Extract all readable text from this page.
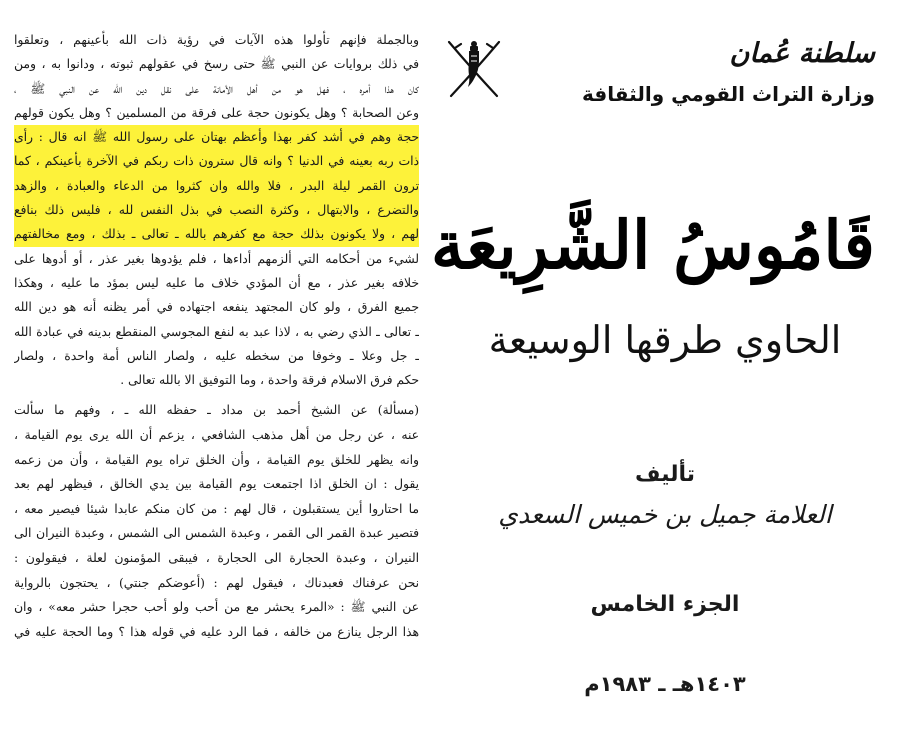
وبالجملة فإنهم تأولوا هذه الآيات في رؤية ذات الله بأعينهم ، وتعلقوا
في ذلك بروايات عن النبي ﷺ حتى رسخ في عقولهم ثبوته ، ودانوا به ، ومن
كان هذا أمره ، فهل هو من أهل الأمانة على نقل دين الله عن النبي ﷺ ،
وعن الصحابة ؟ وهل يكونون حجة على فرقة من المسلمين ؟ وهل يكون قولهم
حجة وهم في أشد كفر بهذا وأعظم بهتان على رسول الله ﷺ انه قال : رأى
ذات ربه بعينه في الدنيا ؟ وانه قال سترون ذات ربكم في الآخرة بأعينكم ، كما
ترون القمر ليلة البدر ، فلا والله وان كثروا من الدعاء والعبادة ، والزهد
والتضرع ، والابتهال ، وكثرة النصب في بذل النفس لله ، فليس ذلك بنافع
لهم ، ولا يكونون بذلك حجة مع كفرهم بالله ـ تعالى ـ بذلك ، ومع مخالفتهم
لشيء من أحكامه التي ألزمهم أداءها ، فلم يؤدوها بغير عذر ، أو أدوها على
خلافه بغير عذر ، مع أن المؤدي خلاف ما عليه ليس بمؤد ما عليه ، وهكذا
جميع الفرق ، ولو كان المجتهد ينفعه اجتهاده في أمر يظنه أنه هو دين الله
ـ تعالى ـ الذي رضي به ، لاذا عبد به لنفع المجوسي المنقطع بدينه في عبادة الله
ـ جل وعلا ـ وخوفا من سخطه عليه ، ولصار الناس أمة واحدة ، ولصار
حكم فرق الاسلام فرقة واحدة ، وما التوفيق الا بالله تعالى .
(مسألة) عن الشيخ أحمد بن مداد ـ حفظه الله ـ ، وفهم ما سألت
عنه ، عن رجل من أهل مذهب الشافعي ، يزعم أن الله يرى يوم القيامة ،
وانه يظهر للخلق يوم القيامة ، وأن الخلق تراه يوم القيامة ، وأن من زعمه
يقول : ان الخلق اذا اجتمعت يوم القيامة بين يدي الخالق ، فيظهر لهم بعد
ما احتاروا أين يستقبلون ، قال لهم : من كان منكم عابدا شيئا فيصير معه ،
فتصير عبدة القمر الى القمر ، وعبدة الشمس الى الشمس ، وعبدة النيران الى
النيران ، وعبدة الحجارة الى الحجارة ، فيبقى المؤمنون لعلة ، فيقولون :
نحن عرفناك فعبدناك ، فيقول لهم : (أعوضكم جنتي) ، يحتجون بالرواية
عن النبي ﷺ : «المرء يحشر مع من أحب ولو أحب حجرا حشر معه» ، وان
هذا الرجل ينازع من خالفه ، فما الرد عليه في قوله هذا ؟ وما الحجة عليه في
سلطنة عُمان
وزارة التراث القومي والثقافة
قَامُوسُ الشَّرِيعَة
الحاوي طرقها الوسيعة
تأليف
العلامة جميل بن خميس السعدي
الجزء الخامس
١٤٠٣هـ ـ ١٩٨٣م
